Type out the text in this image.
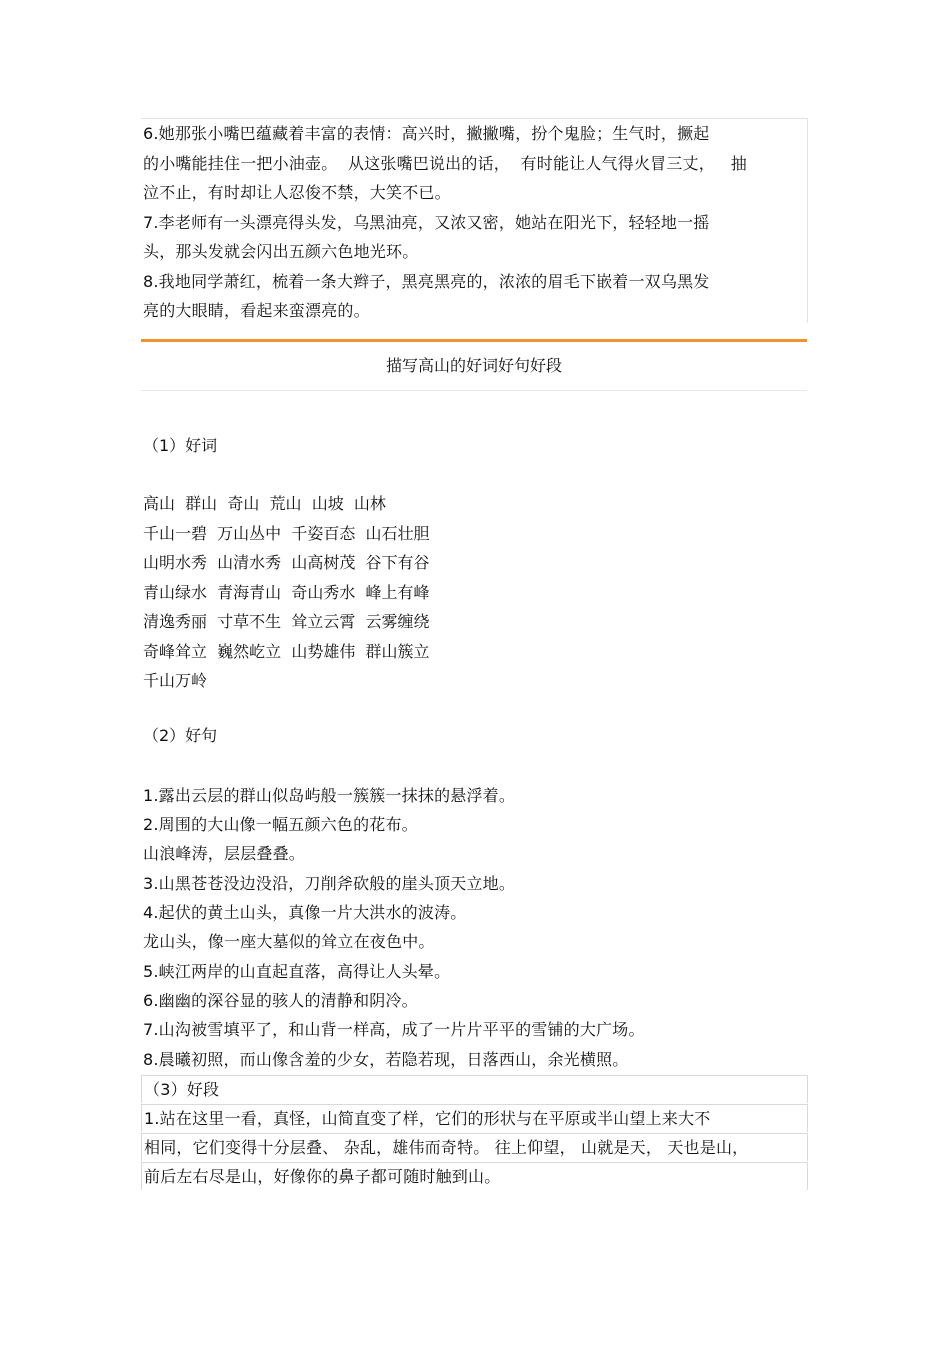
6.她那张小嘴巴蕴藏着丰富的表情：高兴时，撇撇嘴，扮个鬼脸；生气时，撅起
的小嘴能挂住一把小油壶。  从这张嘴巴说出的话，  有时能让人气得火冒三丈，   抽
泣不止，有时却让人忍俊不禁，大笑不已。
7.李老师有一头漂亮得头发，乌黑油亮，又浓又密，她站在阳光下，轻轻地一摇
头，那头发就会闪出五颜六色地光环。
8.我地同学萧红，梳着一条大辫子，黑亮黑亮的，浓浓的眉毛下嵌着一双乌黑发
亮的大眼睛，看起来蛮漂亮的。
描写高山的好词好句好段
（1）好词
高山  群山  奇山  荒山  山坡  山林
千山一碧  万山丛中  千姿百态  山石壮胆
山明水秀  山清水秀  山高树茂  谷下有谷
青山绿水  青海青山  奇山秀水  峰上有峰
清逸秀丽  寸草不生  耸立云霄  云雾缠绕
奇峰耸立  巍然屹立  山势雄伟  群山簇立
千山万岭
（2）好句
1.露出云层的群山似岛屿般一簇簇一抹抹的悬浮着。
2.周围的大山像一幅五颜六色的花布。
山浪峰涛，层层叠叠。
3.山黑苍苍没边没沿，刀削斧砍般的崖头顶天立地。
4.起伏的黄土山头，真像一片大洪水的波涛。
龙山头，像一座大墓似的耸立在夜色中。
5.峡江两岸的山直起直落，高得让人头晕。
6.幽幽的深谷显的骇人的清静和阴冷。
7.山沟被雪填平了，和山背一样高，成了一片片平平的雪铺的大广场。
8.晨曦初照，而山像含羞的少女，若隐若现，日落西山，余光横照。
（3）好段
1.站在这里一看，真怪，山简直变了样，它们的形状与在平原或半山望上来大不
相同，它们变得十分层叠、 杂乱，雄伟而奇特。 往上仰望， 山就是天， 天也是山，
前后左右尽是山，好像你的鼻子都可随时触到山。
